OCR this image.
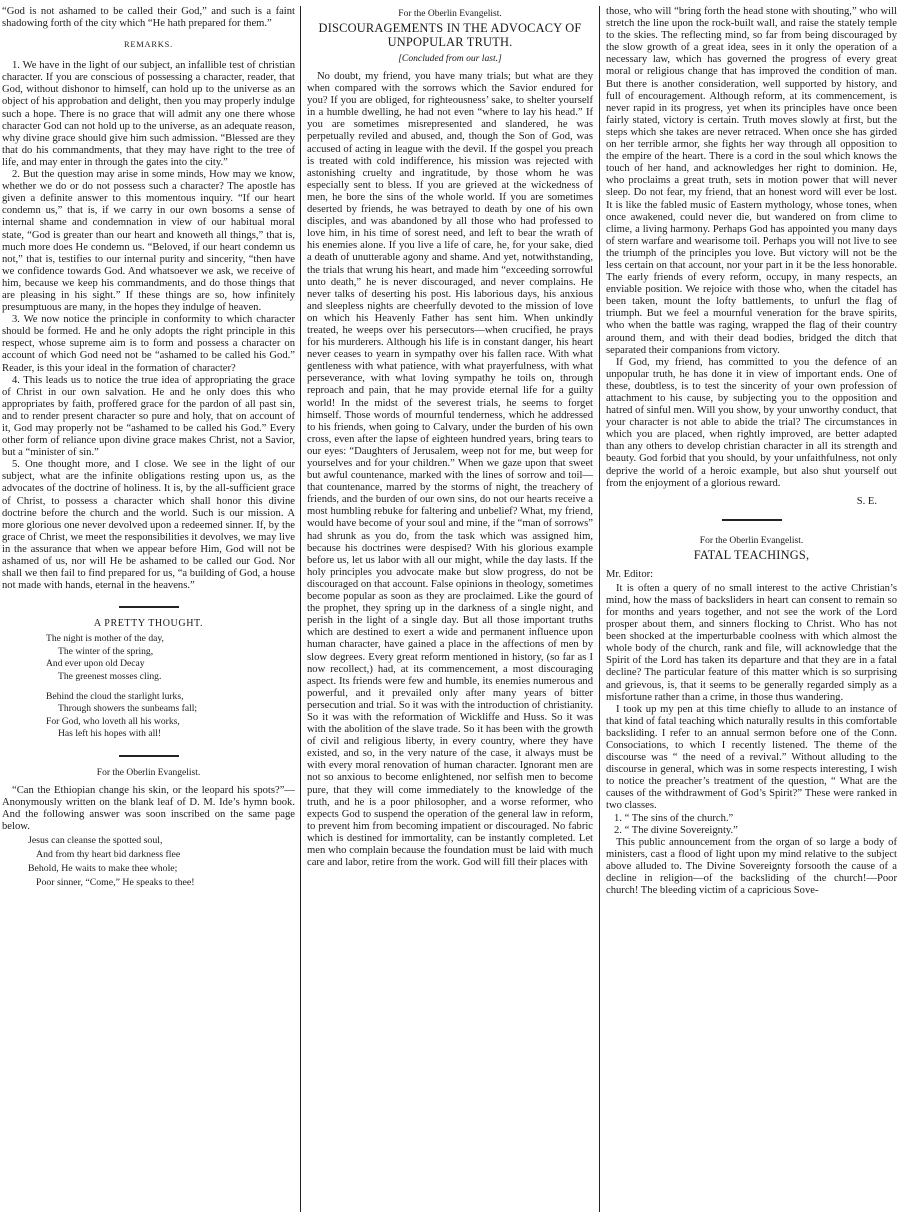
“God is not ashamed to be called their God,” and such is a faint shadowing forth of the city which “He hath prepared for them.”

REMARKS.

1. We have in the light of our subject, an infallible test of christian character. If you are conscious of possessing a character, reader, that God, without dishonor to himself, can hold up to the universe as an object of his approbation and delight, then you may properly indulge such a hope. There is no grace that will admit any one there whose character God can not hold up to the universe, as an adequate reason, why divine grace should give him such admission. “Blessed are they that do his commandments, that they may have right to the tree of life, and may enter in through the gates into the city.”

2. But the question may arise in some minds, How may we know, whether we do or do not possess such a character? The apostle has given a definite answer to this momentous inquiry. “If our heart condemn us,” that is, if we carry in our own bosoms a sense of internal shame and condemnation in view of our habitual moral state, “God is greater than our heart and knoweth all things,” that is, much more does He condemn us. “Beloved, if our heart condemn us not,” that is, testifies to our internal purity and sincerity, “then have we confidence towards God. And whatsoever we ask, we receive of him, because we keep his commandments, and do those things that are pleasing in his sight.” If these things are so, how infinitely presumptuous are many, in the hopes they indulge of heaven.

3. We now notice the principle in conformity to which character should be formed. He and he only adopts the right principle in this respect, whose supreme aim is to form and possess a character on account of which God need not be “ashamed to be called his God.” Reader, is this your ideal in the formation of character?

4. This leads us to notice the true idea of appropriating the grace of Christ in our own salvation. He and he only does this who appropriates by faith, proffered grace for the pardon of all past sin, and to render present character so pure and holy, that on account of it, God may properly not be “ashamed to be called his God.” Every other form of reliance upon divine grace makes Christ, not a Savior, but a “minister of sin.”

5. One thought more, and I close. We see in the light of our subject, what are the infinite obligations resting upon us, as the advocates of the doctrine of holiness. It is, by the all-sufficient grace of Christ, to possess a character which shall honor this divine doctrine before the church and the world. Such is our mission. A more glorious one never devolved upon a redeemed sinner. If, by the grace of Christ, we meet the responsibilities it devolves, we may live in the assurance that when we appear before Him, God will not be ashamed of us, nor will He be ashamed to be called our God. Nor shall we then fail to find prepared for us, “a building of God, a house not made with hands, eternal in the heavens.”

A PRETTY THOUGHT.
The night is mother of the day,
The winter of the spring,
And ever upon old Decay
The greenest mosses cling.
Behind the cloud the starlight lurks,
Through showers the sunbeams fall;
For God, who loveth all his works,
Has left his hopes with all!
For the Oberlin Evangelist.

“Can the Ethiopian change his skin, or the leopard his spots?”—Anonymously written on the blank leaf of D. M. Ide’s hymn book. And the following answer was soon inscribed on the same page below.

Jesus can cleanse the spotted soul,
And from thy heart bid darkness flee
Behold, He waits to make thee whole;
Poor sinner, “Come,” He speaks to thee!
For the Oberlin Evangelist.
DISCOURAGEMENTS IN THE ADVOCACY OF UNPOPULAR TRUTH.
[Concluded from our last.]

No doubt, my friend, you have many trials; but what are they when compared with the sorrows which the Savior endured for you? If you are obliged, for righteousness’ sake, to shelter yourself in a humble dwelling, he had not even “where to lay his head.” If you are sometimes misrepresented and slandered, he was perpetually reviled and abused, and, though the Son of God, was accused of acting in league with the devil. If the gospel you preach is treated with cold indifference, his mission was rejected with astonishing cruelty and ingratitude, by those whom he was especially sent to bless. If you are grieved at the wickedness of men, he bore the sins of the whole world. If you are sometimes deserted by friends, he was betrayed to death by one of his own disciples, and was abandoned by all those who had professed to love him, in his time of sorest need, and left to bear the wrath of his enemies alone. If you live a life of care, he, for your sake, died a death of unutterable agony and shame. And yet, notwithstanding, the trials that wrung his heart, and made him “exceeding sorrowful unto death,” he is never discouraged, and never complains. He never talks of deserting his post. His laborious days, his anxious and sleepless nights are cheerfully devoted to the mission of love on which his Heavenly Father has sent him. When unkindly treated, he weeps over his persecutors—when crucified, he prays for his murderers. Although his life is in constant danger, his heart never ceases to yearn in sympathy over his fallen race. With what gentleness with what patience, with what prayerfulness, with what perseverance, with what loving sympathy he toils on, through reproach and pain, that he may provide eternal life for a guilty world! In the midst of the severest trials, he seems to forget himself. Those words of mournful tenderness, which he addressed to his friends, when going to Calvary, under the burden of his own cross, even after the lapse of eighteen hundred years, bring tears to our eyes: “Daughters of Jerusalem, weep not for me, but weep for yourselves and for your children.” When we gaze upon that sweet but awful countenance, marked with the lines of sorrow and toil—that countenance, marred by the storms of night, the treachery of friends, and the burden of our own sins, do not our hearts receive a most humbling rebuke for faltering and unbelief? What, my friend, would have become of your soul and mine, if the “man of sorrows” had shrunk as you do, from the task which was assigned him, because his doctrines were despised? With his glorious example before us, let us labor with all our might, while the day lasts. If the holy principles you advocate make but slow progress, do not be discouraged on that account. False opinions in theology, sometimes become popular as soon as they are proclaimed. Like the gourd of the prophet, they spring up in the darkness of a single night, and perish in the light of a single day. But all those important truths which are destined to exert a wide and permanent influence upon human character, have gained a place in the affections of men by slow degrees. Every great reform mentioned in history, (so far as I now recollect,) had, at its commencement, a most discouraging aspect. Its friends were few and humble, its enemies numerous and powerful, and it prevailed only after many years of bitter persecution and trial. So it was with the introduction of christianity. So it was with the reformation of Wickliffe and Huss. So it was with the abolition of the slave trade. So it has been with the growth of civil and religious liberty, in every country, where they have existed, and so, in the very nature of the case, it always must be with every moral renovation of human character. Ignorant men are not so anxious to become enlightened, nor selfish men to become pure, that they will come immediately to the knowledge of the truth, and he is a poor philosopher, and a worse reformer, who expects God to suspend the operation of the general law in reform, to prevent him from becoming impatient or discouraged. No fabric which is destined for immortality, can be instantly completed. Let men who complain because the foundation must be laid with much care and labor, retire from the work. God will fill their places with

those, who will “bring forth the head stone with shouting,” who will stretch the line upon the rock-built wall, and raise the stately temple to the skies. The reflecting mind, so far from being discouraged by the slow growth of a great idea, sees in it only the operation of a necessary law, which has governed the progress of every great moral or religious change that has improved the condition of man. But there is another consideration, well supported by history, and full of encouragement. Although reform, at its commencement, is never rapid in its progress, yet when its principles have once been fairly stated, victory is certain. Truth moves slowly at first, but the steps which she takes are never retraced. When once she has girded on her terrible armor, she fights her way through all opposition to the empire of the heart. There is a cord in the soul which knows the touch of her hand, and acknowledges her right to dominion. He, who proclaims a great truth, sets in motion power that will never sleep. Do not fear, my friend, that an honest word will ever be lost. It is like the fabled music of Eastern mythology, whose tones, when once awakened, could never die, but wandered on from clime to clime, a living harmony. Perhaps God has appointed you many days of stern warfare and wearisome toil. Perhaps you will not live to see the triumph of the principles you love. But victory will not be the less certain on that account, nor your part in it be the less honorable. The early friends of every reform, occupy, in many respects, an enviable position. We rejoice with those who, when the citadel has been taken, mount the lofty battlements, to unfurl the flag of triumph. But we feel a mournful veneration for the brave spirits, who when the battle was raging, wrapped the flag of their country around them, and with their dead bodies, bridged the ditch that separated their companions from victory.

If God, my friend, has committed to you the defence of an unpopular truth, he has done it in view of important ends. One of these, doubtless, is to test the sincerity of your own profession of attachment to his cause, by subjecting you to the opposition and hatred of sinful men. Will you show, by your unworthy conduct, that your character is not able to abide the trial? The circumstances in which you are placed, when rightly improved, are better adapted than any others to develop christian character in all its strength and beauty. God forbid that you should, by your unfaithfulness, not only deprive the world of a heroic example, but also shut yourself out from the enjoyment of a glorious reward.

S. E.
For the Oberlin Evangelist.
FATAL TEACHINGS,
Mr. Editor:

It is often a query of no small interest to the active Christian’s mind, how the mass of backsliders in heart can consent to remain so for months and years together, and not see the work of the Lord prosper about them, and sinners flocking to Christ. Who has not been shocked at the imperturbable coolness with which almost the whole body of the church, rank and file, will acknowledge that the Spirit of the Lord has taken its departure and that they are in a fatal decline? The particular feature of this matter which is so surprising and grievous, is, that it seems to be generally regarded simply as a misfortune rather than a crime, in those thus wandering.

I took up my pen at this time chiefly to allude to an instance of that kind of fatal teaching which naturally results in this comfortable backsliding. I refer to an annual sermon before one of the Conn. Consociations, to which I recently listened. The theme of the discourse was “ the need of a revival.” Without alluding to the discourse in general, which was in some respects interesting, I wish to notice the preacher’s treatment of the question, “ What are the causes of the withdrawment of God’s Spirit?” These were ranked in two classes.

1. “ The sins of the church.”
2. “ The divine Sovereignty.”

This public announcement from the organ of so large a body of ministers, cast a flood of light upon my mind relative to the subject above alluded to. The Divine Sovereignty forsooth the cause of a decline in religion—of the backsliding of the church!—Poor church! The bleeding victim of a capricious Sove-
